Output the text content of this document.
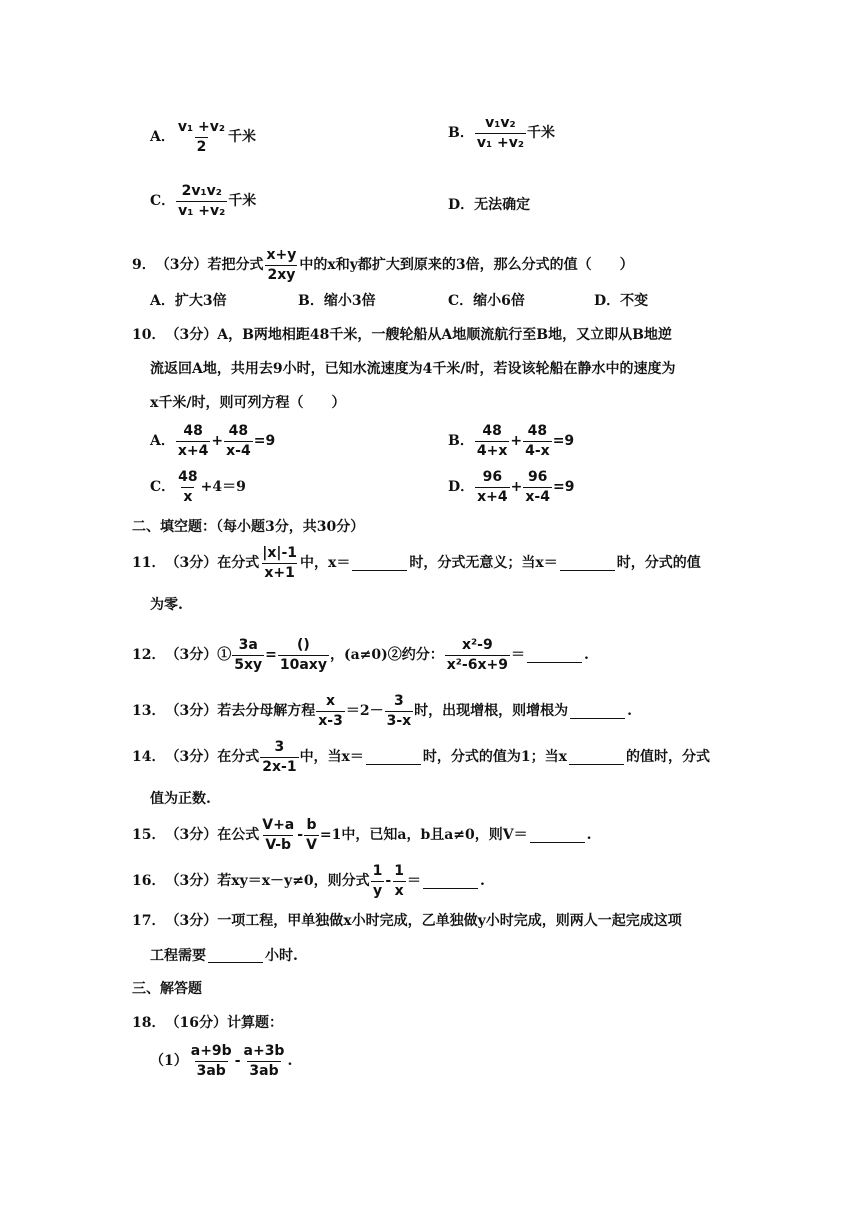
A． $\frac{\text{v₁ +v₂}}{2}$ 千米	B． $\frac{\text{v₁v₂}}{\text{v₁ +v₂}}$ 千米
C． $\frac{\text{2v₁v₂}}{\text{v₁ +v₂}}$ 千米	D． 无法确定
9． （3分）若把分式 $\frac{x+y}{2xy}$ 中的x和y都扩大到原来的3倍，那么分式的值（　　）
A．扩大3倍	B．缩小3倍	C．缩小6倍	D．不变
10． （3分）A，B两地相距48千米，一艘轮船从A地顺流航行至B地，又立即从B地逆
流返回A地，共用去9小时，已知水流速度为4千米/时，若设该轮船在静水中的速度为
x千米/时，则可列方程（　　）
A． $\frac{48}{x+4} + \frac{48}{x-4} =9$	B． $\frac{48}{4+x} + \frac{48}{4-x} =9$
C． $\frac{48}{x} +4=9$	D． $\frac{96}{x+4} + \frac{96}{x-4} =9$
二、填空题：（每小题3分，共30分）
11． （3分）在分式 $\frac{|x|-1}{x+1}$ 中，x＝	时，分式无意义；当x＝	时，分式的值
为零.
12． （3分）① $\frac{3a}{5xy}$ =
()
10axy
，(a≠0)②约分： $\frac{\text{x²-9}}{\text{x²-6x+9}}$ ＝	.
13． （3分）若去分母解方程 $\frac{x}{x-3} =2- \frac{3}{3-x}$ 时，出现增根，则增根为	.
14． （3分）在分式 $\frac{3}{2x-1}$ 中，当x＝	时，分式的值为1；当x	的值时，分式
值为正数.
15． （3分）在公式 $\frac{V+a}{V-b} - \frac{b}{V} =1$中，已知a，b且a≠0，则V＝	.
16． （3分）若xy＝x－y≠0，则分式 $\frac{1}{y} - \frac{1}{x}$ ＝	.
17． （3分）一项工程，甲单独做x小时完成，乙单独做y小时完成，则两人一起完成这项
工程需要	小时.
三、解答题
18． （16分）计算题：
$(1) \frac{a+9b}{3ab} - \frac{a+3b}{3ab}$ .
